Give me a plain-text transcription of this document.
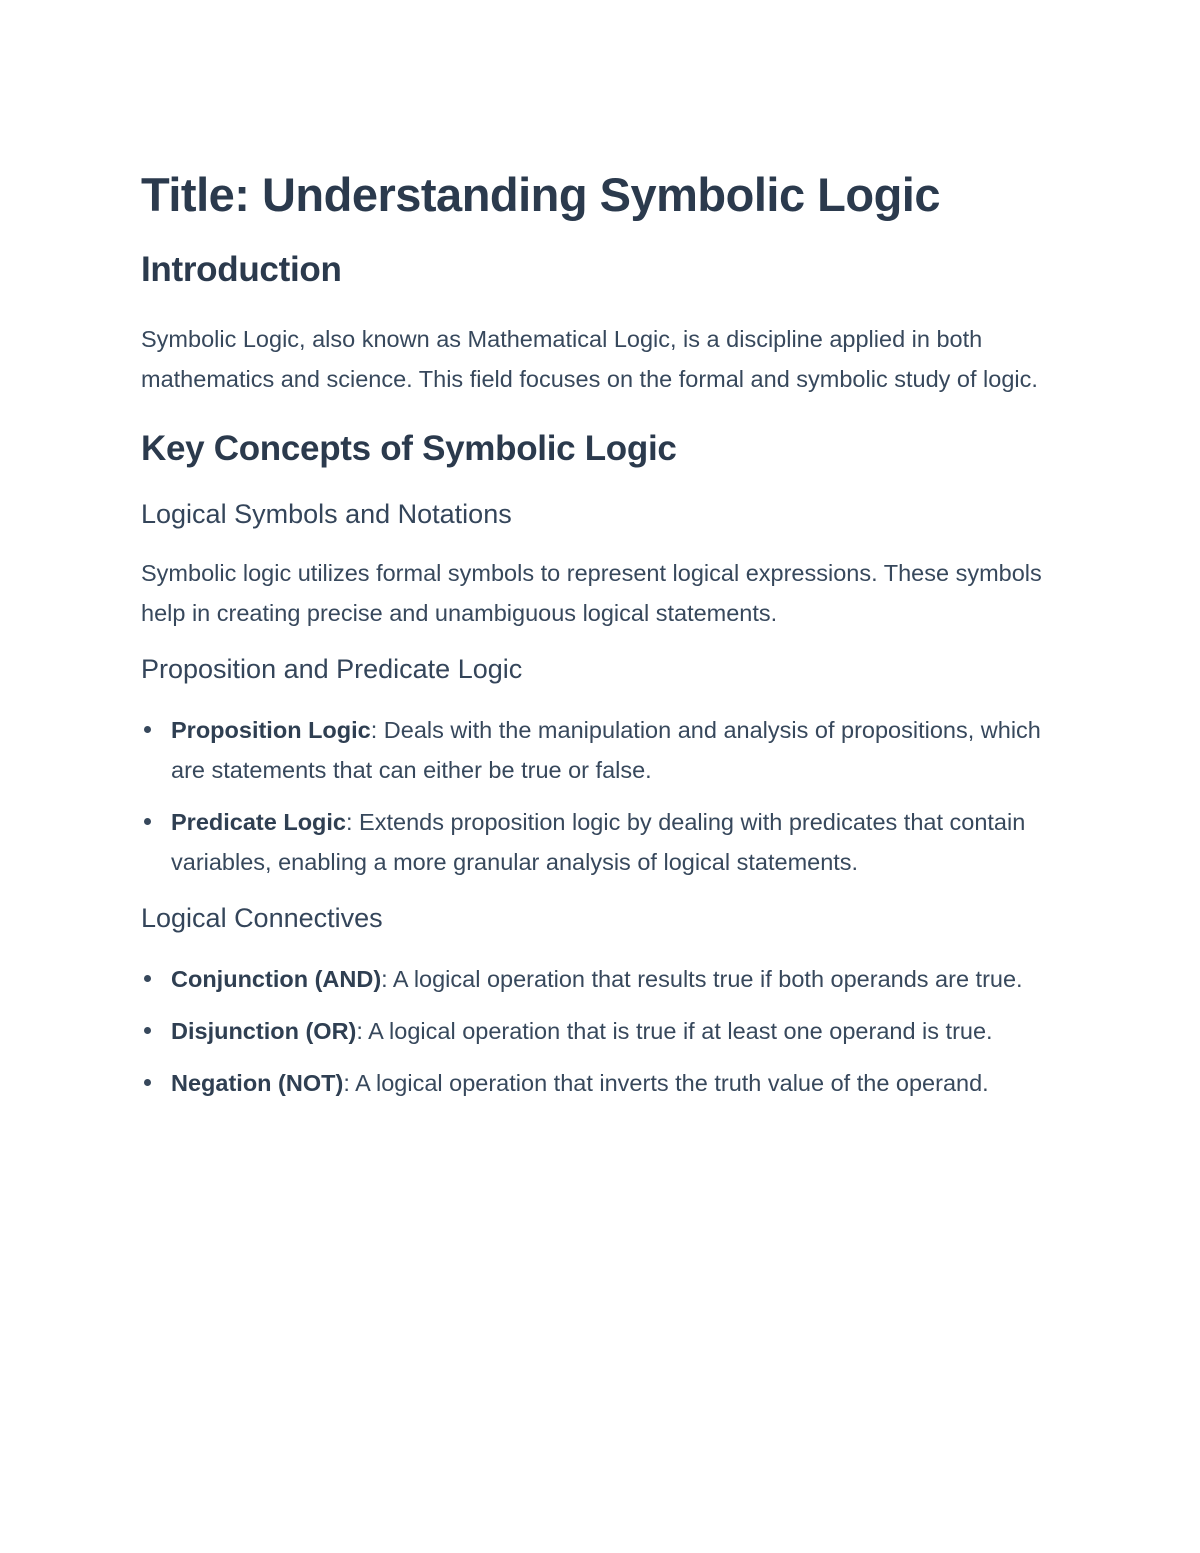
Title: Understanding Symbolic Logic
Introduction

Symbolic Logic, also known as Mathematical Logic, is a discipline applied in both mathematics and science. This field focuses on the formal and symbolic study of logic.

Key Concepts of Symbolic Logic
Logical Symbols and Notations

Symbolic logic utilizes formal symbols to represent logical expressions. These symbols help in creating precise and unambiguous logical statements.

Proposition and Predicate Logic
Proposition Logic: Deals with the manipulation and analysis of propositions, which are statements that can either be true or false.
Predicate Logic: Extends proposition logic by dealing with predicates that contain variables, enabling a more granular analysis of logical statements.
Logical Connectives
Conjunction (AND): A logical operation that results true if both operands are true.
Disjunction (OR): A logical operation that is true if at least one operand is true.
Negation (NOT): A logical operation that inverts the truth value of the operand.
